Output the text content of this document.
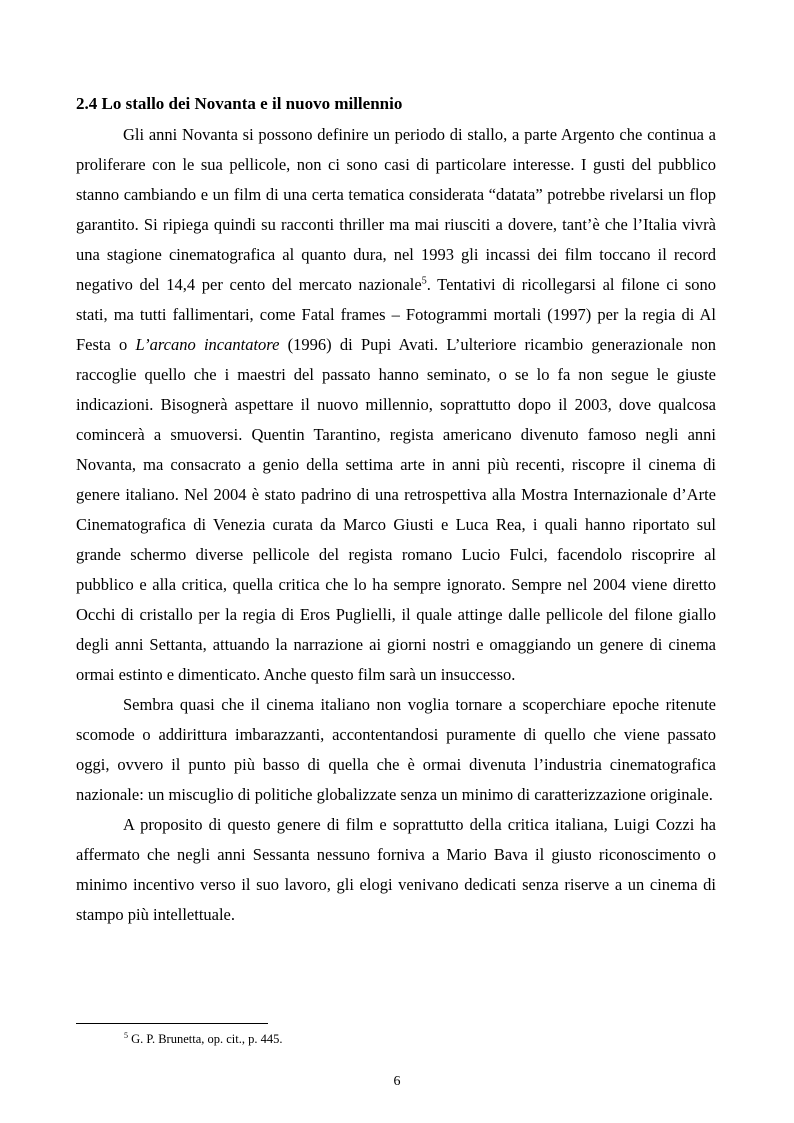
2.4 Lo stallo dei Novanta e il nuovo millennio

Gli anni Novanta si possono definire un periodo di stallo, a parte Argento che continua a proliferare con le sua pellicole, non ci sono casi di particolare interesse. I gusti del pubblico stanno cambiando e un film di una certa tematica considerata “datata” potrebbe rivelarsi un flop garantito. Si ripiega quindi su racconti thriller ma mai riusciti a dovere, tant’è che l’Italia vivrà una stagione cinematografica al quanto dura, nel 1993 gli incassi dei film toccano il record negativo del 14,4 per cento del mercato nazionale$^5$. Tentativi di ricollegarsi al filone ci sono stati, ma tutti fallimentari, come Fatal frames – Fotogrammi mortali (1997) per la regia di Al Festa o L’arcano incantatore (1996) di Pupi Avati. L’ulteriore ricambio generazionale non raccoglie quello che i maestri del passato hanno seminato, o se lo fa non segue le giuste indicazioni. Bisognerà aspettare il nuovo millennio, soprattutto dopo il 2003, dove qualcosa comincerà a smuoversi. Quentin Tarantino, regista americano divenuto famoso negli anni Novanta, ma consacrato a genio della settima arte in anni più recenti, riscopre il cinema di genere italiano. Nel 2004 è stato padrino di una retrospettiva alla Mostra Internazionale d’Arte Cinematografica di Venezia curata da Marco Giusti e Luca Rea, i quali hanno riportato sul grande schermo diverse pellicole del regista romano Lucio Fulci, facendolo riscoprire al pubblico e alla critica, quella critica che lo ha sempre ignorato. Sempre nel 2004 viene diretto Occhi di cristallo per la regia di Eros Puglielli, il quale attinge dalle pellicole del filone giallo degli anni Settanta, attuando la narrazione ai giorni nostri e omaggiando un genere di cinema ormai estinto e dimenticato. Anche questo film sarà un insuccesso.

Sembra quasi che il cinema italiano non voglia tornare a scoperchiare epoche ritenute scomode o addirittura imbarazzanti, accontentandosi puramente di quello che viene passato oggi, ovvero il punto più basso di quella che è ormai divenuta l’industria cinematografica nazionale: un miscuglio di politiche globalizzate senza un minimo di caratterizzazione originale.

A proposito di questo genere di film e soprattutto della critica italiana, Luigi Cozzi ha affermato che negli anni Sessanta nessuno forniva a Mario Bava il giusto riconoscimento o minimo incentivo verso il suo lavoro, gli elogi venivano dedicati senza riserve a un cinema di stampo più intellettuale.

$^5$ G. P. Brunetta, op. cit., p. 445.
6
